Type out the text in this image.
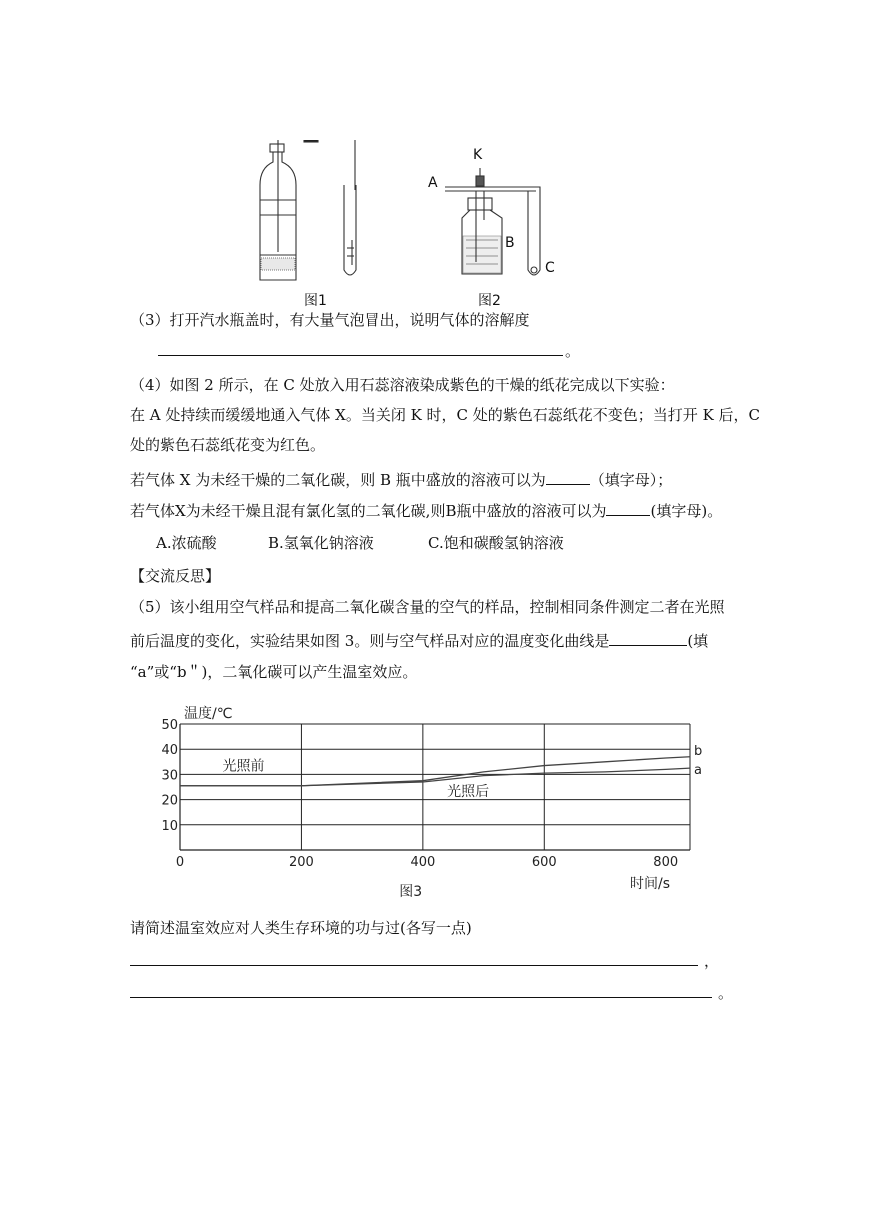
图1	图2
K
A
B
C
（3）打开汽水瓶盖时，有大量气泡冒出，说明气体的溶解度
。
（4）如图 2 所示，在 C 处放入用石蕊溶液染成紫色的干燥的纸花完成以下实验：
在 A 处持续而缓缓地通入气体 X。当关闭 K 时，C 处的紫色石蕊纸花不变色；当打开 K 后，C
处的紫色石蕊纸花变为红色。
若气体 X 为未经干燥的二氧化碳，则 B 瓶中盛放的溶液可以为	（填字母）；
若气体X为未经干燥且混有氯化氢的二氧化碳,则B瓶中盛放的溶液可以为	(填字母)。
A.浓硫酸	B.氢氧化钠溶液	C.饱和碳酸氢钠溶液
【交流反思】
（5）该小组用空气样品和提高二氧化碳含量的空气的样品，控制相同条件测定二者在光照
前后温度的变化，实验结果如图 3。则与空气样品对应的温度变化曲线是	(填
“a”或“b＂)，二氧化碳可以产生温室效应。
50
40
30
20
10
0	200	400	600	800
温度/℃
时间/s
b
a
光照前
光照后
图3
请简述温室效应对人类生存环境的功与过(各写一点)
，
。
